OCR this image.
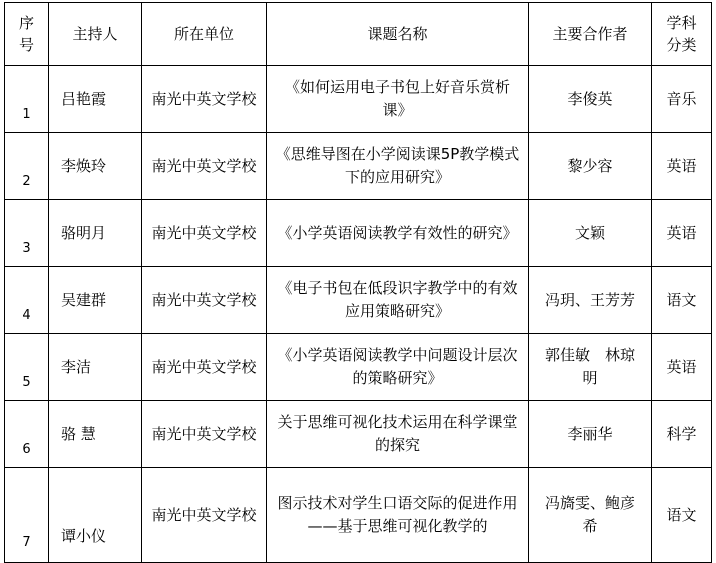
序号	主持人	所在单位	课题名称	主要合作者	学科分类
1	吕艳霞	南光中英文学校	《如何运用电子书包上好音乐赏析课》	李俊英	音乐
2	李焕玲	南光中英文学校	《思维导图在小学阅读课5P教学模式下的应用研究》	黎少容	英语
3	骆明月	南光中英文学校	《小学英语阅读教学有效性的研究》	文颖	英语
4	吴建群	南光中英文学校	《电子书包在低段识字教学中的有效应用策略研究》	冯玥、王芳芳	语文
5	李洁	南光中英文学校	《小学英语阅读教学中问题设计层次的策略研究》	郭佳敏　林琼明	英语
6	骆 慧	南光中英文学校	关于思维可视化技术运用在科学课堂的探究	李丽华	科学
7	谭小仪	南光中英文学校	图示技术对学生口语交际的促进作用——基于思维可视化教学的	冯旖雯、鲍彦希	语文
